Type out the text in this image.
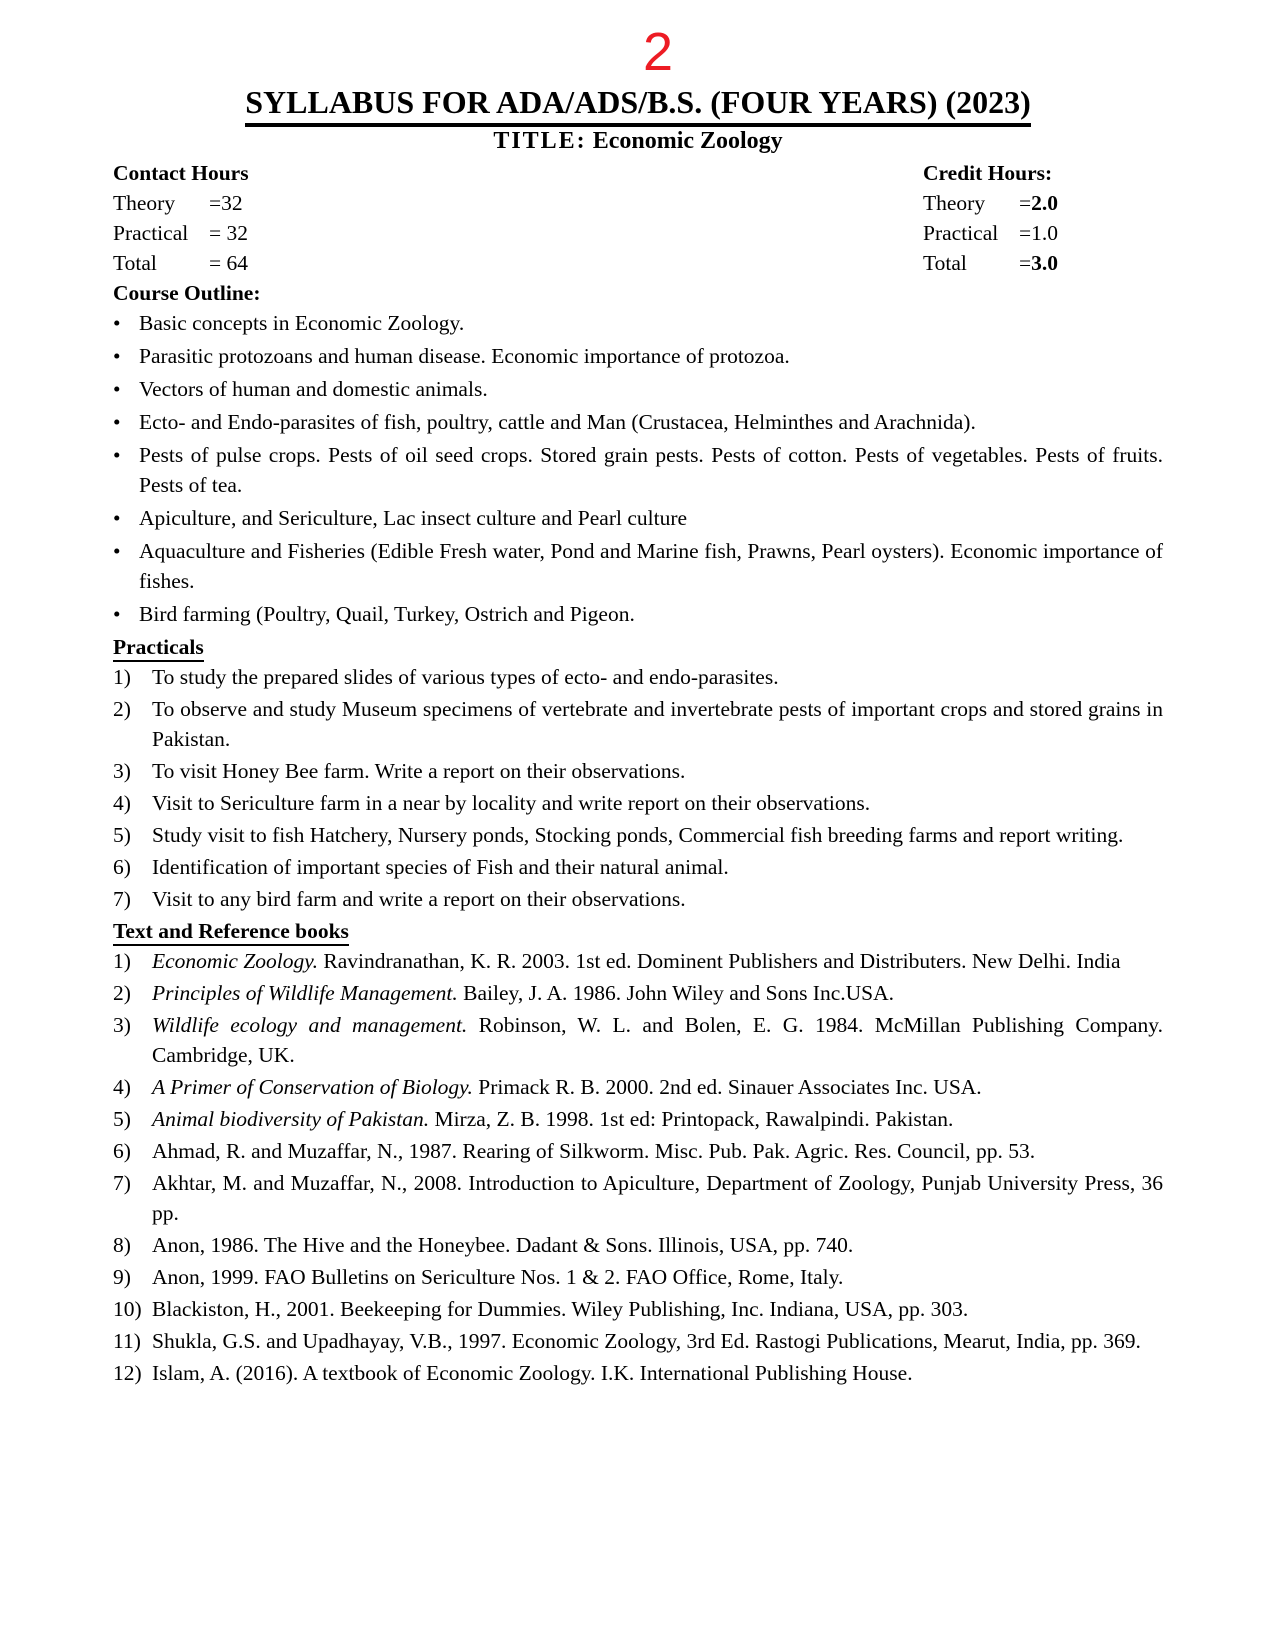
2
SYLLABUS FOR ADA/ADS/B.S. (FOUR YEARS) (2023)
TITLE: Economic Zoology
Contact Hours
Theory	=32
Practical = 32
Total	= 64
Credit Hours:
Theory	= 2.0
Practical = 1.0
Total	= 3.0
Course Outline:
• Basic concepts in Economic Zoology.
• Parasitic protozoans and human disease. Economic importance of protozoa.
• Vectors of human and domestic animals.
• Ecto- and Endo-parasites of fish, poultry, cattle and Man (Crustacea, Helminthes and Arachnida).
• Pests of pulse crops. Pests of oil seed crops. Stored grain pests. Pests of cotton. Pests of vegetables. Pests of fruits. Pests of tea.
• Apiculture, and Sericulture, Lac insect culture and Pearl culture
• Aquaculture and Fisheries (Edible Fresh water, Pond and Marine fish, Prawns, Pearl oysters). Economic importance of fishes.
• Bird farming (Poultry, Quail, Turkey, Ostrich and Pigeon.
Practicals
1) To study the prepared slides of various types of ecto- and endo-parasites.
2) To observe and study Museum specimens of vertebrate and invertebrate pests of important crops and stored grains in Pakistan.
3) To visit Honey Bee farm. Write a report on their observations.
4) Visit to Sericulture farm in a near by locality and write report on their observations.
5) Study visit to fish Hatchery, Nursery ponds, Stocking ponds, Commercial fish breeding farms and report writing.
6) Identification of important species of Fish and their natural animal.
7) Visit to any bird farm and write a report on their observations.
Text and Reference books
1) Economic Zoology. Ravindranathan, K. R. 2003. 1st ed. Dominent Publishers and Distributers. New Delhi. India
2) Principles of Wildlife Management. Bailey, J. A. 1986. John Wiley and Sons Inc.USA.
3) Wildlife ecology and management. Robinson, W. L. and Bolen, E. G. 1984. McMillan Publishing Company. Cambridge, UK.
4) A Primer of Conservation of Biology. Primack R. B. 2000. 2nd ed. Sinauer Associates Inc. USA.
5) Animal biodiversity of Pakistan. Mirza, Z. B. 1998. 1st ed: Printopack, Rawalpindi. Pakistan.
6) Ahmad, R. and Muzaffar, N., 1987. Rearing of Silkworm. Misc. Pub. Pak. Agric. Res. Council, pp. 53.
7) Akhtar, M. and Muzaffar, N., 2008. Introduction to Apiculture, Department of Zoology, Punjab University Press, 36 pp.
8) Anon, 1986. The Hive and the Honeybee. Dadant & Sons. Illinois, USA, pp. 740.
9) Anon, 1999. FAO Bulletins on Sericulture Nos. 1 & 2. FAO Office, Rome, Italy.
10) Blackiston, H., 2001. Beekeeping for Dummies. Wiley Publishing, Inc. Indiana, USA, pp. 303.
11) Shukla, G.S. and Upadhayay, V.B., 1997. Economic Zoology, 3rd Ed. Rastogi Publications, Mearut, India, pp. 369.
12) Islam, A. (2016). A textbook of Economic Zoology. I.K. International Publishing House.
